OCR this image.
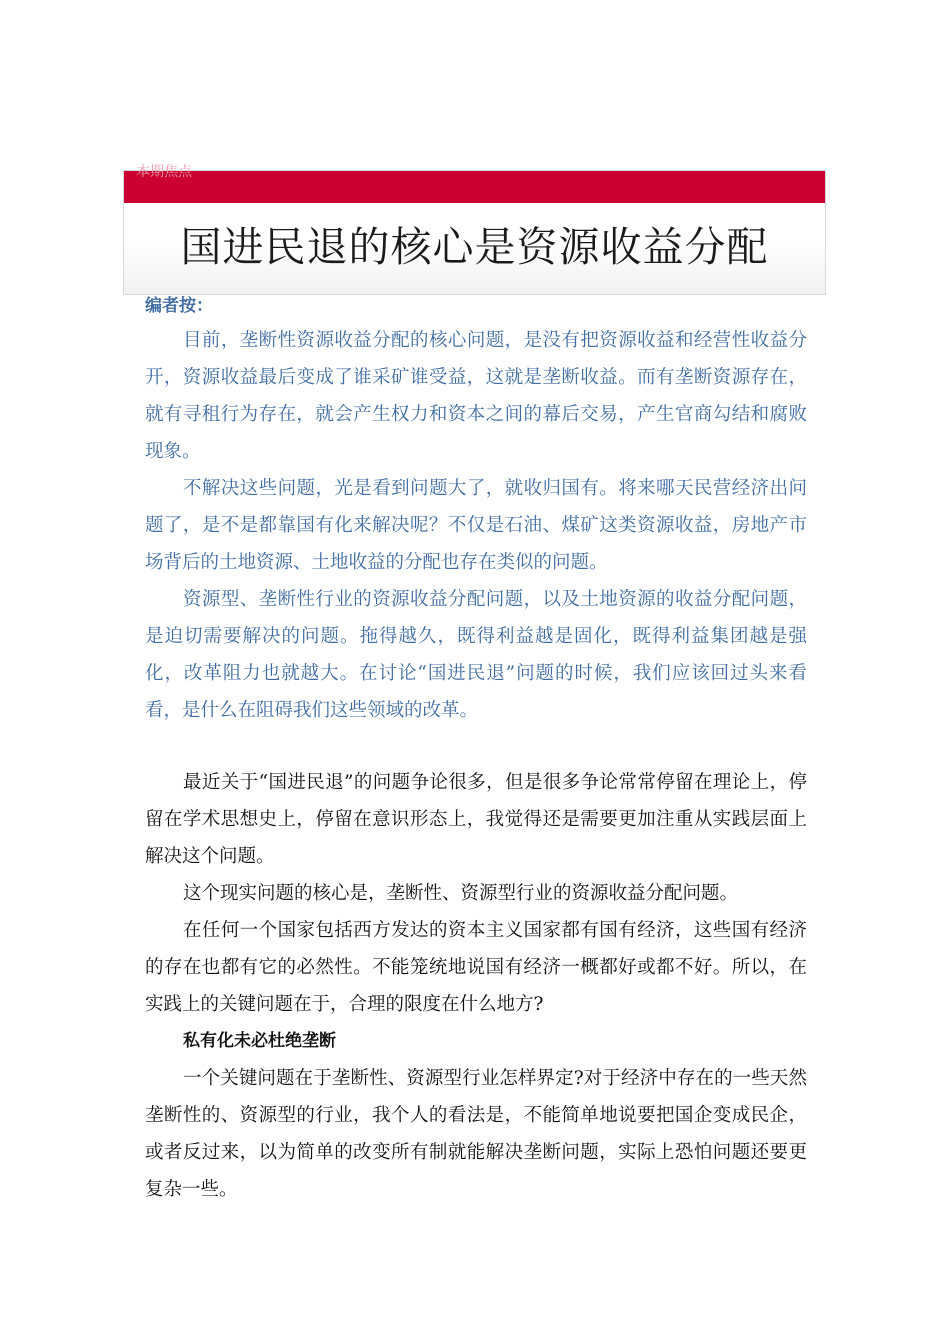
本期焦点
国进民退的核心是资源收益分配
编者按：

目前，垄断性资源收益分配的核心问题，是没有把资源收益和经营性收益分开，资源收益最后变成了谁采矿谁受益，这就是垄断收益。而有垄断资源存在，就有寻租行为存在，就会产生权力和资本之间的幕后交易，产生官商勾结和腐败现象。

不解决这些问题，光是看到问题大了，就收归国有。将来哪天民营经济出问题了，是不是都靠国有化来解决呢？不仅是石油、煤矿这类资源收益，房地产市场背后的土地资源、土地收益的分配也存在类似的问题。

资源型、垄断性行业的资源收益分配问题，以及土地资源的收益分配问题，是迫切需要解决的问题。拖得越久，既得利益越是固化，既得利益集团越是强化，改革阻力也就越大。在讨论“国进民退”问题的时候，我们应该回过头来看看，是什么在阻碍我们这些领域的改革。

最近关于“国进民退”的问题争论很多，但是很多争论常常停留在理论上，停留在学术思想史上，停留在意识形态上，我觉得还是需要更加注重从实践层面上解决这个问题。

这个现实问题的核心是，垄断性、资源型行业的资源收益分配问题。

在任何一个国家包括西方发达的资本主义国家都有国有经济，这些国有经济的存在也都有它的必然性。不能笼统地说国有经济一概都好或都不好。所以，在实践上的关键问题在于，合理的限度在什么地方?

私有化未必杜绝垄断

一个关键问题在于垄断性、资源型行业怎样界定?对于经济中存在的一些天然垄断性的、资源型的行业，我个人的看法是，不能简单地说要把国企变成民企，或者反过来，以为简单的改变所有制就能解决垄断问题，实际上恐怕问题还要更复杂一些。
